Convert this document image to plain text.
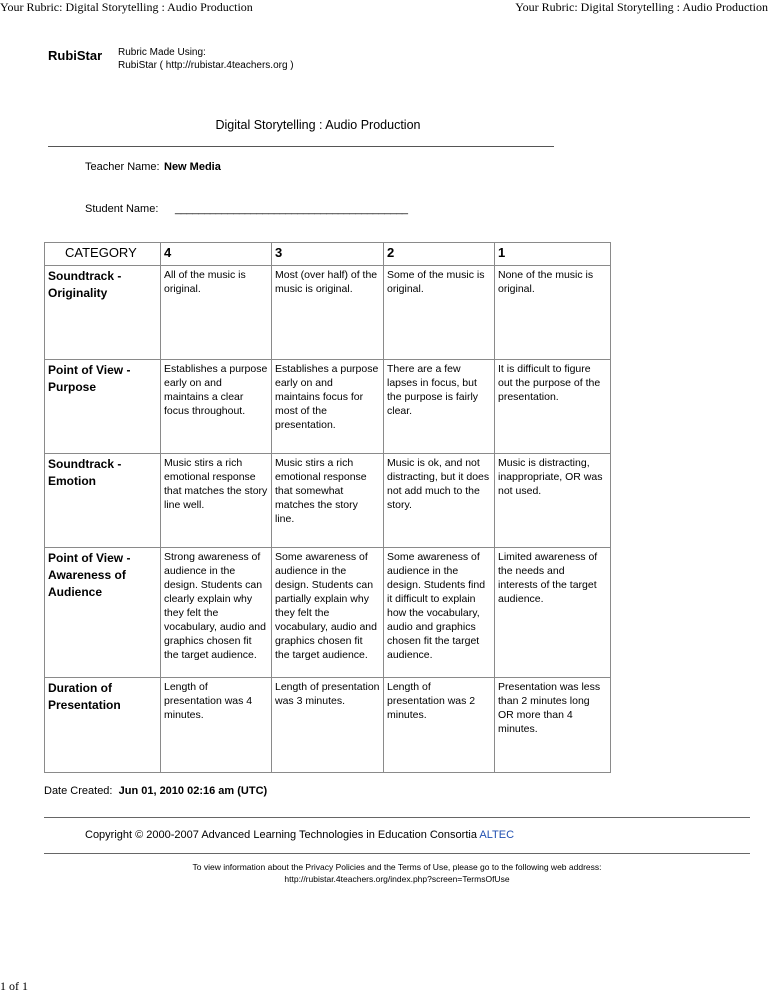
Your Rubric: Digital Storytelling : Audio Production	Your Rubric: Digital Storytelling : Audio Production
RubiStar Rubric Made Using:
RubiStar ( http://rubistar.4teachers.org )
Digital Storytelling : Audio Production
Teacher Name: New Media
Student Name: ________________________________________
CATEGORY	4	3	2	1
Soundtrack - Originality	All of the music is original.	Most (over half) of the music is original.	Some of the music is original.	None of the music is original.
Point of View - Purpose	Establishes a purpose early on and maintains a clear focus throughout.	Establishes a purpose early on and maintains focus for most of the presentation.	There are a few lapses in focus, but the purpose is fairly clear.	It is difficult to figure out the purpose of the presentation.
Soundtrack - Emotion	Music stirs a rich emotional response that matches the story line well.	Music stirs a rich emotional response that somewhat matches the story line.	Music is ok, and not distracting, but it does not add much to the story.	Music is distracting, inappropriate, OR was not used.
Point of View - Awareness of Audience	Strong awareness of audience in the design. Students can clearly explain why they felt the vocabulary, audio and graphics chosen fit the target audience.	Some awareness of audience in the design. Students can partially explain why they felt the vocabulary, audio and graphics chosen fit the target audience.	Some awareness of audience in the design. Students find it difficult to explain how the vocabulary, audio and graphics chosen fit the target audience.	Limited awareness of the needs and interests of the target audience.
Duration of Presentation	Length of presentation was 4 minutes.	Length of presentation was 3 minutes.	Length of presentation was 2 minutes.	Presentation was less than 2 minutes long OR more than 4 minutes.
Date Created: Jun 01, 2010 02:16 am (UTC)
Copyright © 2000-2007 Advanced Learning Technologies in Education Consortia ALTEC
To view information about the Privacy Policies and the Terms of Use, please go to the following web address:
http://rubistar.4teachers.org/index.php?screen=TermsOfUse
1 of 1
